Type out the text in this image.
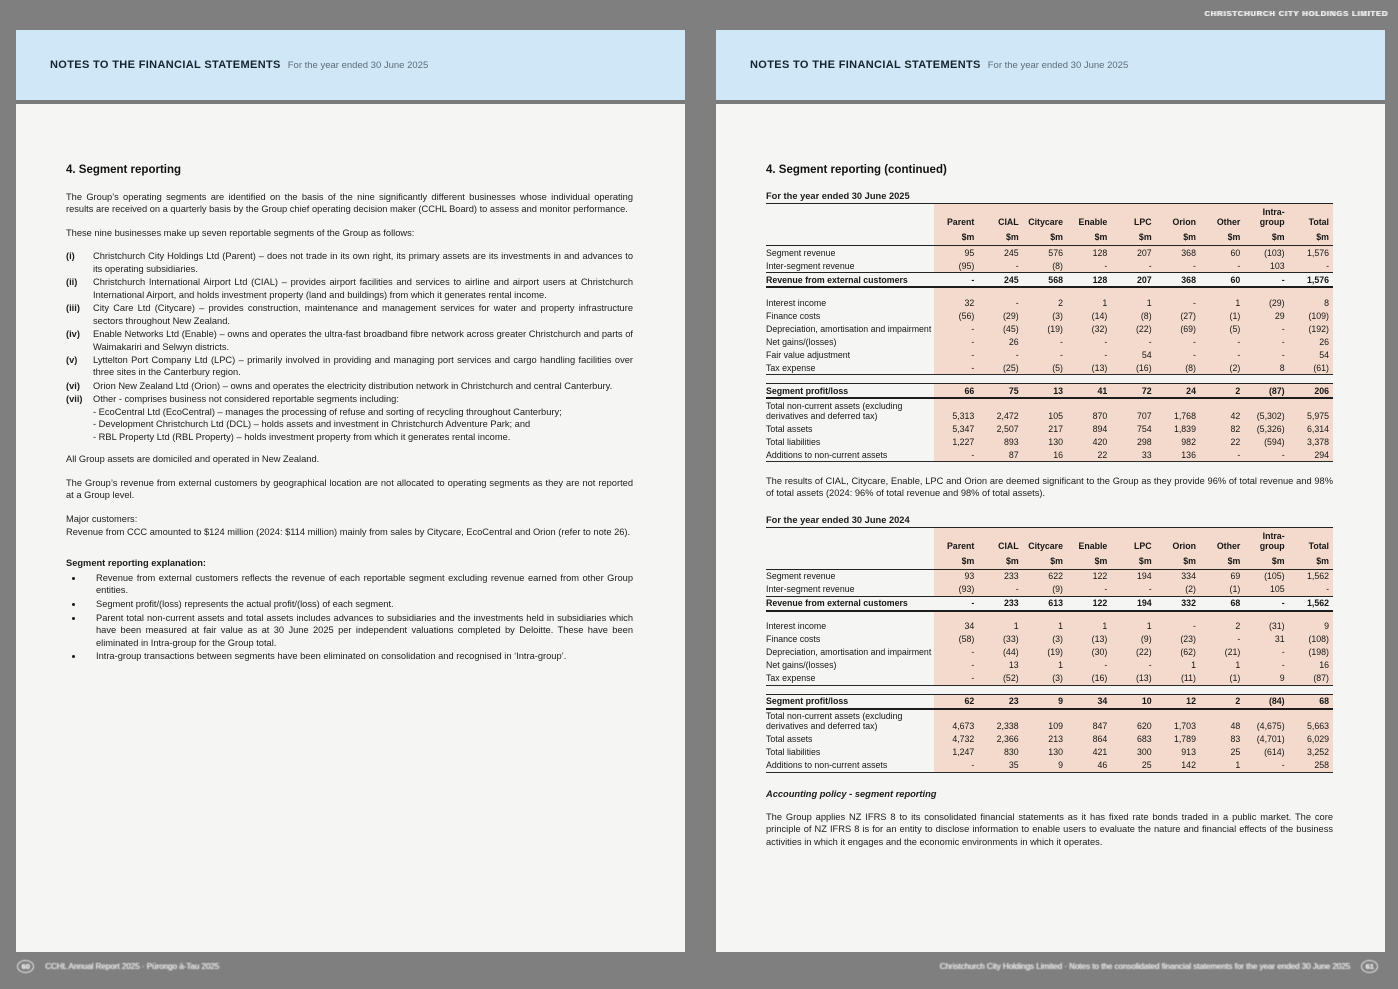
CHRISTCHURCH CITY HOLDINGS LIMITED
NOTES TO THE FINANCIAL STATEMENTS For the year ended 30 June 2025
4. Segment reporting

The Group’s operating segments are identified on the basis of the nine significantly different businesses whose individual operating results are received on a quarterly basis by the Group chief operating decision maker (CCHL Board) to assess and monitor performance.

These nine businesses make up seven reportable segments of the Group as follows:

(i)	Christchurch City Holdings Ltd (Parent) – does not trade in its own right, its primary assets are its investments in and advances to its operating subsidiaries.
(ii)	Christchurch International Airport Ltd (CIAL) – provides airport facilities and services to airline and airport users at Christchurch International Airport, and holds investment property (land and buildings) from which it generates rental income.
(iii)	City Care Ltd (Citycare) – provides construction, maintenance and management services for water and property infrastructure sectors throughout New Zealand.
(iv)	Enable Networks Ltd (Enable) – owns and operates the ultra-fast broadband fibre network across greater Christchurch and parts of Waimakariri and Selwyn districts.
(v)	Lyttelton Port Company Ltd (LPC) – primarily involved in providing and managing port services and cargo handling facilities over three sites in the Canterbury region.
(vi)	Orion New Zealand Ltd (Orion) – owns and operates the electricity distribution network in Christchurch and central Canterbury.
(vii)	Other - comprises business not considered reportable segments including:
- EcoCentral Ltd (EcoCentral) – manages the processing of refuse and sorting of recycling throughout Canterbury;
- Development Christchurch Ltd (DCL) – holds assets and investment in Christchurch Adventure Park; and
- RBL Property Ltd (RBL Property) – holds investment property from which it generates rental income.

All Group assets are domiciled and operated in New Zealand.

The Group’s revenue from external customers by geographical location are not allocated to operating segments as they are not reported at a Group level.

Major customers:

Revenue from CCC amounted to $124 million (2024: $114 million) mainly from sales by Citycare, EcoCentral and Orion (refer to note 26).

Segment reporting explanation:

• Revenue from external customers reflects the revenue of each reportable segment excluding revenue earned from other Group entities.
• Segment profit/(loss) represents the actual profit/(loss) of each segment.
• Parent total non-current assets and total assets includes advances to subsidiaries and the investments held in subsidiaries which have been measured at fair value as at 30 June 2025 per independent valuations completed by Deloitte. These have been eliminated in Intra-group for the Group total.
• Intra-group transactions between segments have been eliminated on consolidation and recognised in ‘Intra-group’.
NOTES TO THE FINANCIAL STATEMENTS For the year ended 30 June 2025
4. Segment reporting (continued)
For the year ended 30 June 2025
	Parent	CIAL	Citycare	Enable	LPC	Orion	Other	Intra-group	Total
	$m	$m	$m	$m	$m	$m	$m	$m	$m
Segment revenue	95	245	576	128	207	368	60	(103)	1,576
Inter-segment revenue	(95)	-	(8)	-	-	-	-	103	-
Revenue from external customers	-	245	568	128	207	368	60	-	1,576

Interest income	32	-	2	1	1	-	1	(29)	8
Finance costs	(56)	(29)	(3)	(14)	(8)	(27)	(1)	29	(109)
Depreciation, amortisation and impairment	-	(45)	(19)	(32)	(22)	(69)	(5)	-	(192)
Net gains/(losses)	-	26	-	-	-	-	-	-	26
Fair value adjustment	-	-	-	-	54	-	-	-	54
Tax expense	-	(25)	(5)	(13)	(16)	(8)	(2)	8	(61)

Segment profit/loss	66	75	13	41	72	24	2	(87)	206
Total non-current assets (excluding derivatives and deferred tax)	5,313	2,472	105	870	707	1,768	42	(5,302)	5,975
Total assets	5,347	2,507	217	894	754	1,839	82	(5,326)	6,314
Total liabilities	1,227	893	130	420	298	982	22	(594)	3,378
Additions to non-current assets	-	87	16	22	33	136	-	-	294

The results of CIAL, Citycare, Enable, LPC and Orion are deemed significant to the Group as they provide 96% of total revenue and 98% of total assets (2024: 96% of total revenue and 98% of total assets).

For the year ended 30 June 2024
	Parent	CIAL	Citycare	Enable	LPC	Orion	Other	Intra-group	Total
	$m	$m	$m	$m	$m	$m	$m	$m	$m
Segment revenue	93	233	622	122	194	334	69	(105)	1,562
Inter-segment revenue	(93)	-	(9)	-	-	(2)	(1)	105	-
Revenue from external customers	-	233	613	122	194	332	68	-	1,562

Interest income	34	1	1	1	1	-	2	(31)	9
Finance costs	(58)	(33)	(3)	(13)	(9)	(23)	-	31	(108)
Depreciation, amortisation and impairment	-	(44)	(19)	(30)	(22)	(62)	(21)	-	(198)
Net gains/(losses)	-	13	1	-	-	1	1	-	16
Tax expense	-	(52)	(3)	(16)	(13)	(11)	(1)	9	(87)

Segment profit/loss	62	23	9	34	10	12	2	(84)	68
Total non-current assets (excluding derivatives and deferred tax)	4,673	2,338	109	847	620	1,703	48	(4,675)	5,663
Total assets	4,732	2,366	213	864	683	1,789	83	(4,701)	6,029
Total liabilities	1,247	830	130	421	300	913	25	(614)	3,252
Additions to non-current assets	-	35	9	46	25	142	1	-	258
Accounting policy - segment reporting

The Group applies NZ IFRS 8 to its consolidated financial statements as it has fixed rate bonds traded in a public market. The core principle of NZ IFRS 8 is for an entity to disclose information to enable users to evaluate the nature and financial effects of the business activities in which it engages and the economic environments in which it operates.

60	CCHL Annual Report 2025 · Pūrongo ā-Tau 2025	Christchurch City Holdings Limited · Notes to the consolidated financial statements for the year ended 30 June 2025	61
